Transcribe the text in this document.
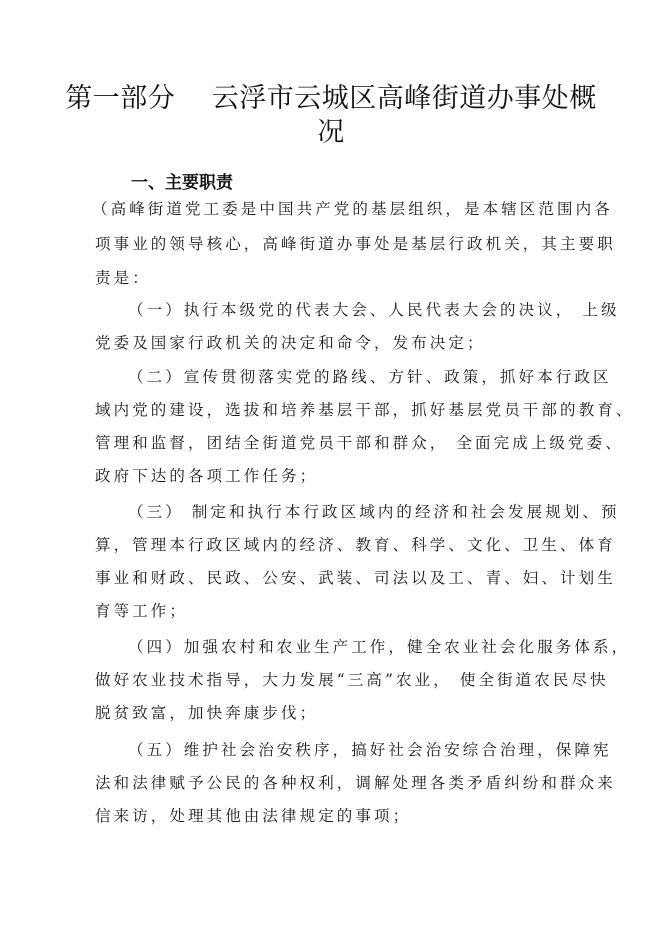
第一部分　 云浮市云城区高峰街道办事处概
况
一、主要职责
（高峰街道党工委是中国共产党的基层组织，是本辖区范围内各
项事业的领导核心，高峰街道办事处是基层行政机关，其主要职
责是：
（一）执行本级党的代表大会、人民代表大会的决议， 上级
党委及国家行政机关的决定和命令，发布决定；
（二）宣传贯彻落实党的路线、方针、政策，抓好本行政区
域内党的建设，选拔和培养基层干部，抓好基层党员干部的教育、
管理和监督，团结全街道党员干部和群众， 全面完成上级党委、
政府下达的各项工作任务；
（三） 制定和执行本行政区域内的经济和社会发展规划、预
算，管理本行政区域内的经济、教育、科学、文化、卫生、体育
事业和财政、民政、公安、武装、司法以及工、青、妇、计划生
育等工作；
（四）加强农村和农业生产工作，健全农业社会化服务体系，
做好农业技术指导，大力发展“三高”农业， 使全街道农民尽快
脱贫致富，加快奔康步伐；
（五）维护社会治安秩序，搞好社会治安综合治理，保障宪
法和法律赋予公民的各种权利，调解处理各类矛盾纠纷和群众来
信来访，处理其他由法律规定的事项；
